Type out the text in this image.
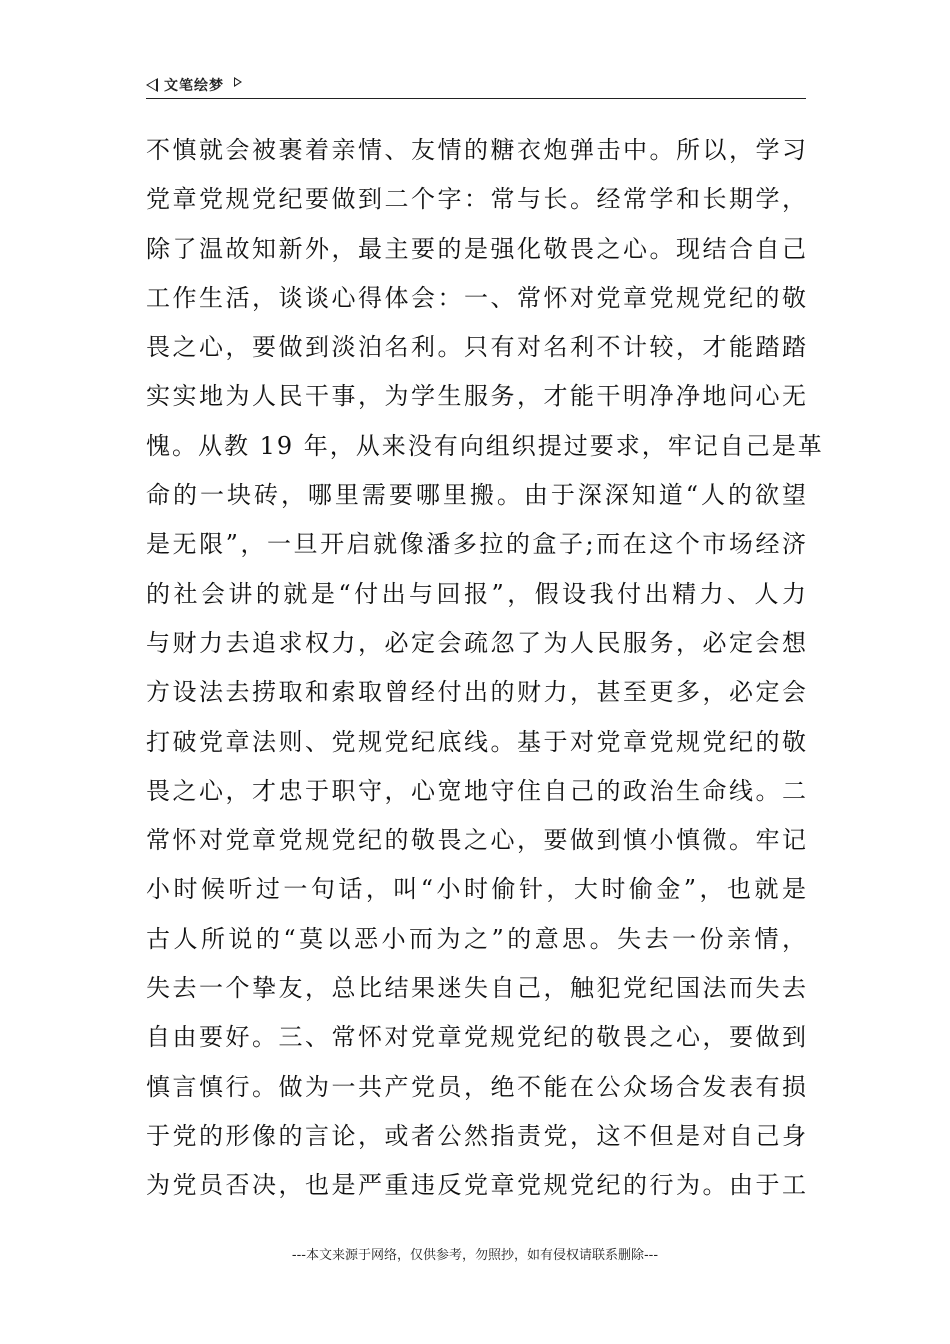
文笔绘梦
不慎就会被裹着亲情、友情的糖衣炮弹击中。所以，学习
党章党规党纪要做到二个字：常与长。经常学和长期学，
除了温故知新外，最主要的是强化敬畏之心。现结合自己
工作生活，谈谈心得体会：一、常怀对党章党规党纪的敬
畏之心，要做到淡泊名利。只有对名利不计较，才能踏踏
实实地为人民干事，为学生服务，才能干明净净地问心无
愧。从教 19 年，从来没有向组织提过要求，牢记自己是革
命的一块砖，哪里需要哪里搬。由于深深知道“人的欲望
是无限”，一旦开启就像潘多拉的盒子;而在这个市场经济
的社会讲的就是“付出与回报”，假设我付出精力、人力
与财力去追求权力，必定会疏忽了为人民服务，必定会想
方设法去捞取和索取曾经付出的财力，甚至更多，必定会
打破党章法则、党规党纪底线。基于对党章党规党纪的敬
畏之心，才忠于职守，心宽地守住自己的政治生命线。二
常怀对党章党规党纪的敬畏之心，要做到慎小慎微。牢记
小时候听过一句话，叫“小时偷针，大时偷金”，也就是
古人所说的“莫以恶小而为之”的意思。失去一份亲情，
失去一个挚友，总比结果迷失自己，触犯党纪国法而失去
自由要好。三、常怀对党章党规党纪的敬畏之心，要做到
慎言慎行。做为一共产党员，绝不能在公众场合发表有损
于党的形像的言论，或者公然指责党，这不但是对自己身
为党员否决，也是严重违反党章党规党纪的行为。由于工
---本文来源于网络，仅供参考，勿照抄，如有侵权请联系删除---
